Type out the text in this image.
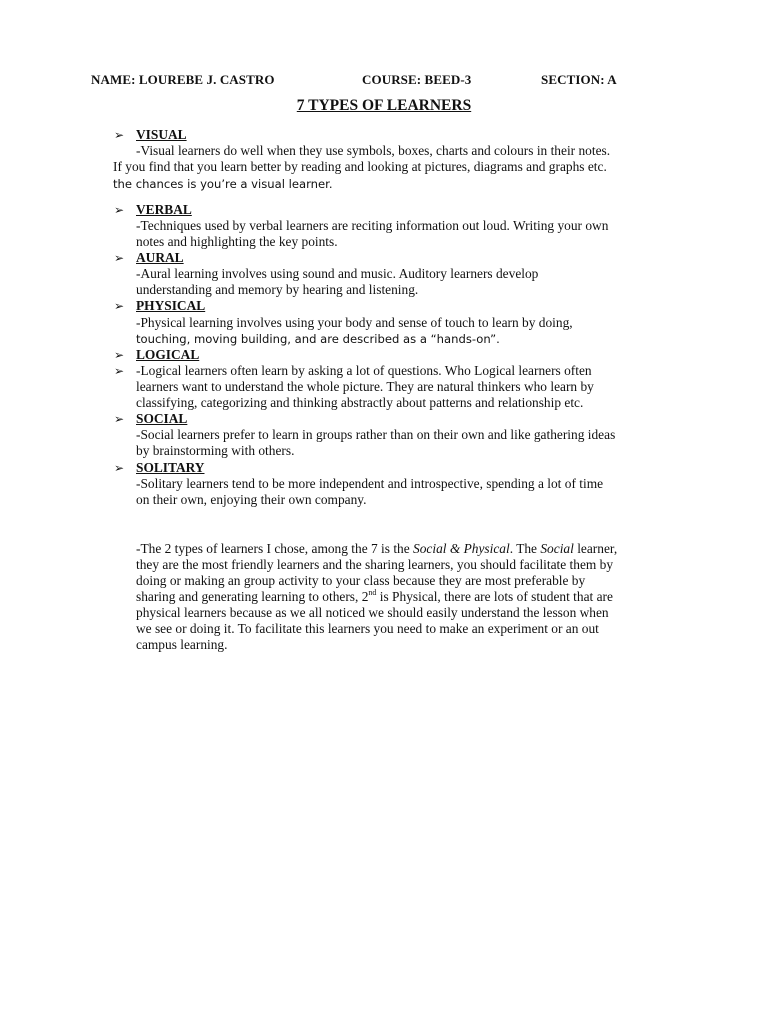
NAME: LOUREBE J. CASTRO	COURSE: BEED-3	SECTION: A
7 TYPES OF LEARNERS
➢ VISUAL
-Visual learners do well when they use symbols, boxes, charts and colours in their notes.
If you find that you learn better by reading and looking at pictures, diagrams and graphs etc.
the chances is you’re a visual learner.
➢ VERBAL
-Techniques used by verbal learners are reciting information out loud. Writing your own
notes and highlighting the key points.
➢ AURAL
-Aural learning involves using sound and music. Auditory learners develop
understanding and memory by hearing and listening.
➢ PHYSICAL
-Physical learning involves using your body and sense of touch to learn by doing,
touching, moving building, and are described as a “hands-on”.
➢ LOGICAL
➢ -Logical learners often learn by asking a lot of questions. Who Logical learners often
learners want to understand the whole picture. They are natural thinkers who learn by
classifying, categorizing and thinking abstractly about patterns and relationship etc.
➢ SOCIAL
-Social learners prefer to learn in groups rather than on their own and like gathering ideas
by brainstorming with others.
➢ SOLITARY
-Solitary learners tend to be more independent and introspective, spending a lot of time
on their own, enjoying their own company.
-The 2 types of learners I chose, among the 7 is the Social & Physical. The Social learner,
they are the most friendly learners and the sharing learners, you should facilitate them by
doing or making an group activity to your class because they are most preferable by
sharing and generating learning to others, 2nd is Physical, there are lots of student that are
physical learners because as we all noticed we should easily understand the lesson when
we see or doing it. To facilitate this learners you need to make an experiment or an out
campus learning.
